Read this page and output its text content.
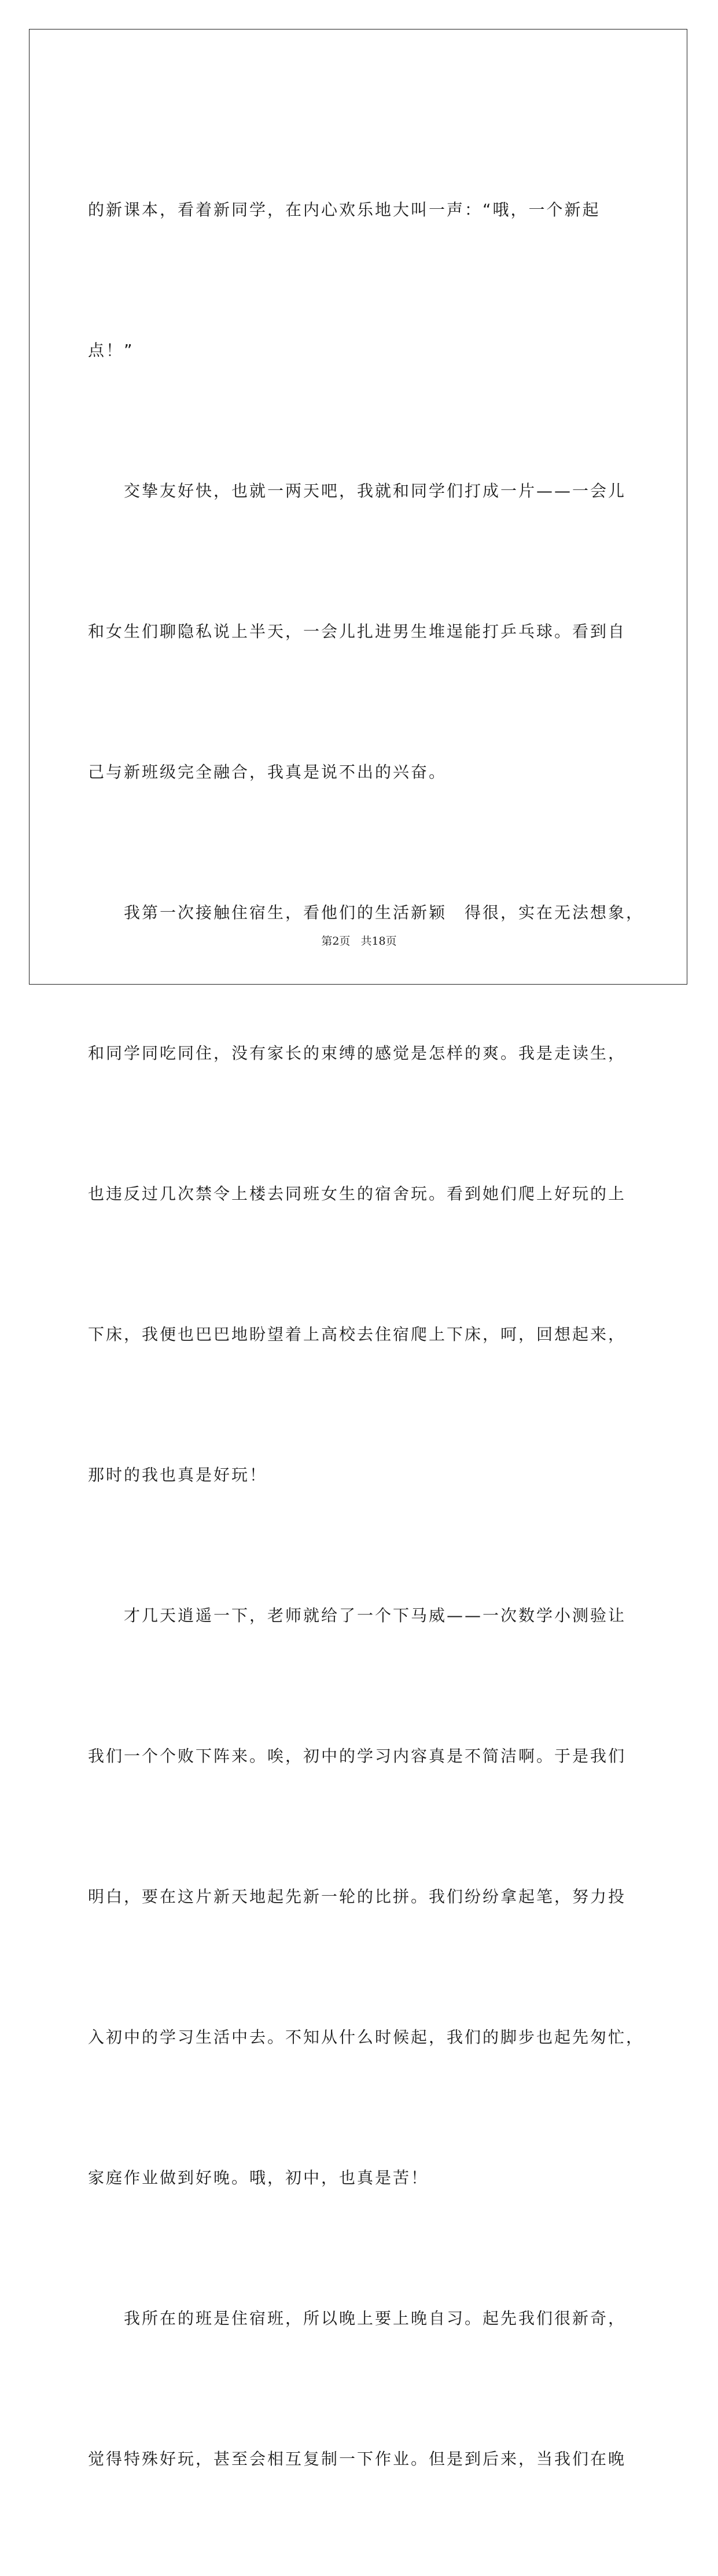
的新课本，看着新同学，在内心欢乐地大叫一声：“哦，一个新起

点！”

　　交挚友好快，也就一两天吧，我就和同学们打成一片——一会儿

和女生们聊隐私说上半天，一会儿扎进男生堆逞能打乒乓球。看到自

己与新班级完全融合，我真是说不出的兴奋。

　　我第一次接触住宿生，看他们的生活新颖　得很，实在无法想象，

和同学同吃同住，没有家长的束缚的感觉是怎样的爽。我是走读生，

也违反过几次禁令上楼去同班女生的宿舍玩。看到她们爬上好玩的上

下床，我便也巴巴地盼望着上高校去住宿爬上下床，呵，回想起来，

那时的我也真是好玩！

　　才几天逍遥一下，老师就给了一个下马威——一次数学小测验让

我们一个个败下阵来。唉，初中的学习内容真是不简洁啊。于是我们

明白，要在这片新天地起先新一轮的比拼。我们纷纷拿起笔，努力投

入初中的学习生活中去。不知从什么时候起，我们的脚步也起先匆忙，

家庭作业做到好晚。哦，初中，也真是苦！

　　我所在的班是住宿班，所以晚上要上晚自习。起先我们很新奇，

觉得特殊好玩，甚至会相互复制一下作业。但是到后来，当我们在晚

第2页 共18页
